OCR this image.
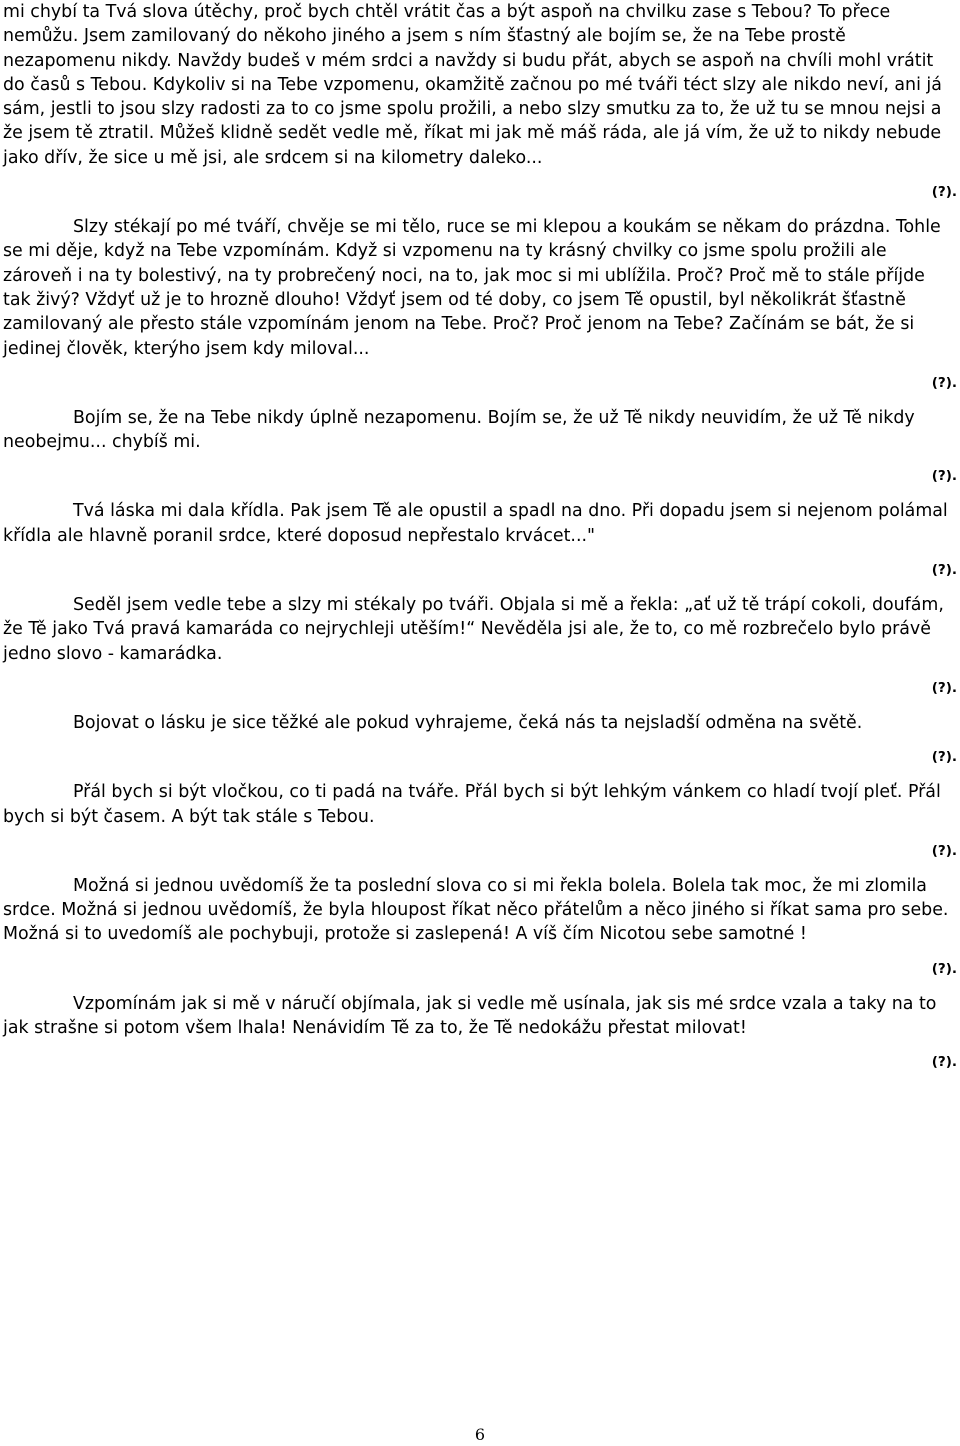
mi chybí ta Tvá slova útěchy, proč bych chtěl vrátit čas a být aspoň na chvilku zase s Tebou? To přece nemůžu. Jsem zamilovaný do někoho jiného a jsem s ním šťastný ale bojím se, že na Tebe prostě nezapomenu nikdy. Navždy budeš v mém srdci a navždy si budu přát, abych se aspoň na chvíli mohl vrátit do časů s Tebou. Kdykoliv si na Tebe vzpomenu, okamžitě začnou po mé tváři téct slzy ale nikdo neví, ani já sám, jestli to jsou slzy radosti za to co jsme spolu prožili, a nebo slzy smutku za to, že už tu se mnou nejsi a že jsem tě ztratil. Můžeš klidně sedět vedle mě, říkat mi jak mě máš ráda, ale já vím, že už to nikdy nebude jako dřív, že sice u mě jsi, ale srdcem si na kilometry daleko...

(?).

Slzy stékají po mé tváří, chvěje se mi tělo, ruce se mi klepou a koukám se někam do prázdna. Tohle se mi děje, když na Tebe vzpomínám. Když si vzpomenu na ty krásný chvilky co jsme spolu prožili ale zároveň i na ty bolestivý, na ty probrečený noci, na to, jak moc si mi ublížila. Proč? Proč mě to stále příjde tak živý? Vždyť už je to hrozně dlouho! Vždyť jsem od té doby, co jsem Tě opustil, byl několikrát šťastně zamilovaný ale přesto stále vzpomínám jenom na Tebe. Proč? Proč jenom na Tebe? Začínám se bát, že si jedinej člověk, kterýho jsem kdy miloval...

(?).

Bojím se, že na Tebe nikdy úplně nezapomenu. Bojím se, že už Tě nikdy neuvidím, že už Tě nikdy neobejmu... chybíš mi.

(?).

Tvá láska mi dala křídla. Pak jsem Tě ale opustil a spadl na dno. Při dopadu jsem si nejenom polámal křídla ale hlavně poranil srdce, které doposud nepřestalo krvácet..."

(?).

Seděl jsem vedle tebe a slzy mi stékaly po tváři. Objala si mě a řekla: „ať už tě trápí cokoli, doufám, že Tě jako Tvá pravá kamaráda co nejrychleji utěším!“ Nevěděla jsi ale, že to, co mě rozbrečelo bylo právě jedno slovo - kamarádka.

(?).

Bojovat o lásku je sice těžké ale pokud vyhrajeme, čeká nás ta nejsladší odměna na světě.

(?).

Přál bych si být vločkou, co ti padá na tváře. Přál bych si být lehkým vánkem co hladí tvojí pleť. Přál bych si být časem. A být tak stále s Tebou.

(?).

Možná si jednou uvědomíš že ta poslední slova co si mi řekla bolela. Bolela tak moc, že mi zlomila srdce. Možná si jednou uvědomíš, že byla hloupost říkat něco přátelům a něco jiného si říkat sama pro sebe. Možná si to uvedomíš ale pochybuji, protože si zaslepená! A víš čím Nicotou sebe samotné !

(?).

Vzpomínám jak si mě v náručí objímala, jak si vedle mě usínala, jak sis mé srdce vzala a taky na to jak strašne si potom všem lhala! Nenávidím Tě za to, že Tě nedokážu přestat milovat!

(?).
6
